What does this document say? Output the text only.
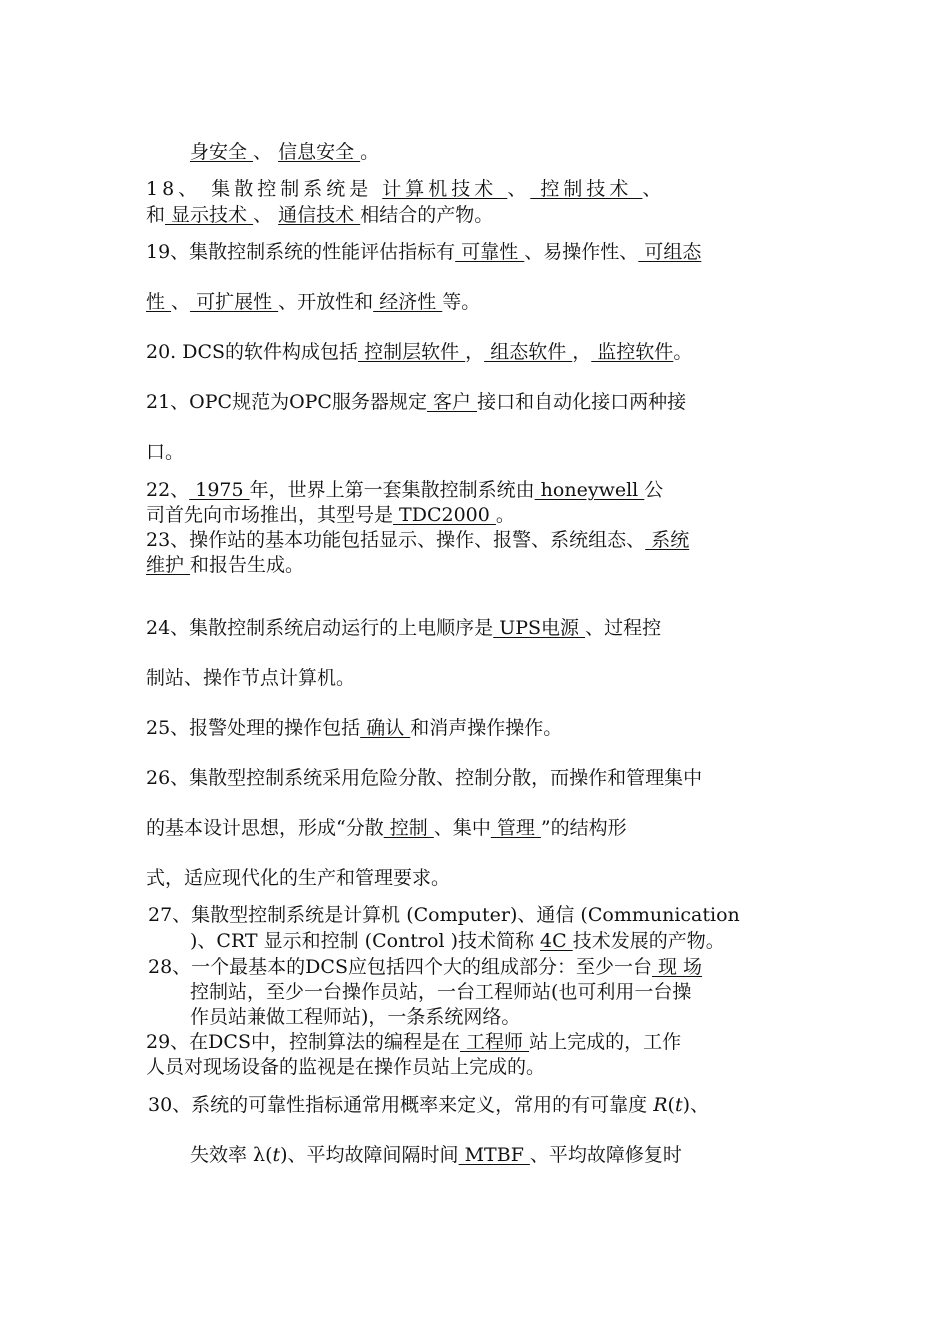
身安全 、 信息安全 。
18、 集散控制系统是 计算机技术 、 控制技术 、
和 显示技术 、 通信技术 相结合的产物。
19、集散控制系统的性能评估指标有 可靠性 、易操作性、 可组态
性 、 可扩展性 、开放性和 经济性 等。
20. DCS的软件构成包括 控制层软件 ， 组态软件 ， 监控软件。
21、OPC规范为OPC服务器规定 客户 接口和自动化接口两种接
口。
22、 1975 年，世界上第一套集散控制系统由 honeywell 公
司首先向市场推出，其型号是 TDC2000 。
23、操作站的基本功能包括显示、操作、报警、系统组态、 系统
维护 和报告生成。
24、集散控制系统启动运行的上电顺序是 UPS电源 、过程控
制站、操作节点计算机。
25、报警处理的操作包括 确认 和消声操作操作。
26、集散型控制系统采用危险分散、控制分散，而操作和管理集中
的基本设计思想，形成“分散 控制 、集中 管理 ”的结构形
式，适应现代化的生产和管理要求。
27、集散型控制系统是计算机 (Computer)、通信 (Communication
)、CRT 显示和控制 (Control )技术简称 4C 技术发展的产物。
28、一个最基本的DCS应包括四个大的组成部分：至少一台 现 场
控制站，至少一台操作员站，一台工程师站(也可利用一台操
作员站兼做工程师站)，一条系统网络。
29、在DCS中，控制算法的编程是在 工程师 站上完成的，工作
人员对现场设备的监视是在操作员站上完成的。
30、系统的可靠性指标通常用概率来定义，常用的有可靠度 R(t)、
失效率 λ(t)、平均故障间隔时间 MTBF 、平均故障修复时
